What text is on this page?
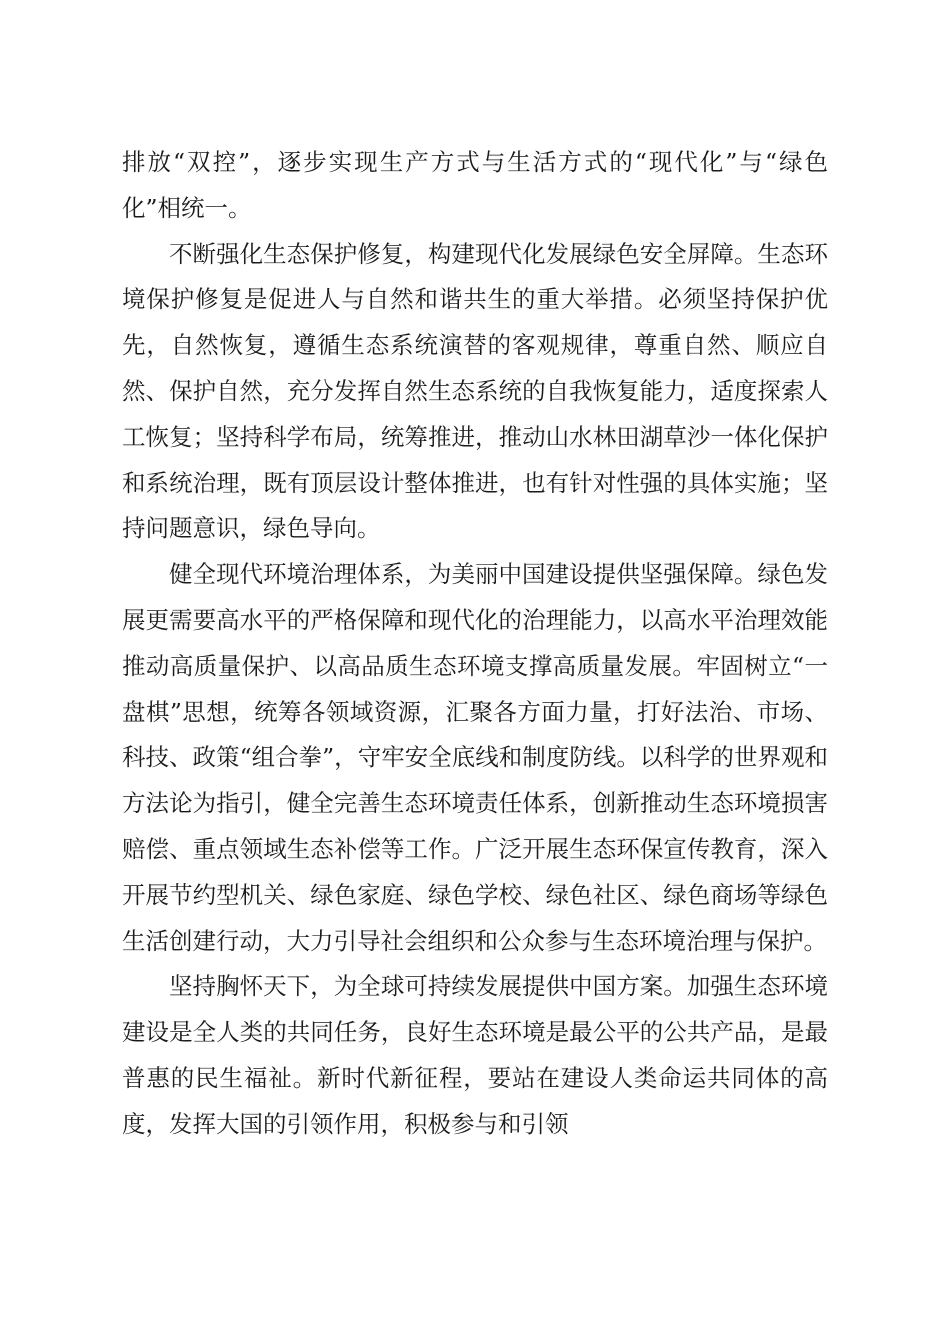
排放“双控”，逐步实现生产方式与生活方式的“现代化”与“绿色化”相统一。

不断强化生态保护修复，构建现代化发展绿色安全屏障。生态环境保护修复是促进人与自然和谐共生的重大举措。必须坚持保护优先，自然恢复，遵循生态系统演替的客观规律，尊重自然、顺应自然、保护自然，充分发挥自然生态系统的自我恢复能力，适度探索人工恢复；坚持科学布局，统筹推进，推动山水林田湖草沙一体化保护和系统治理，既有顶层设计整体推进，也有针对性强的具体实施；坚持问题意识，绿色导向。

健全现代环境治理体系，为美丽中国建设提供坚强保障。绿色发展更需要高水平的严格保障和现代化的治理能力，以高水平治理效能推动高质量保护、以高品质生态环境支撑高质量发展。牢固树立“一盘棋”思想，统筹各领域资源，汇聚各方面力量，打好法治、市场、科技、政策“组合拳”，守牢安全底线和制度防线。以科学的世界观和方法论为指引，健全完善生态环境责任体系，创新推动生态环境损害赔偿、重点领域生态补偿等工作。广泛开展生态环保宣传教育，深入开展节约型机关、绿色家庭、绿色学校、绿色社区、绿色商场等绿色生活创建行动，大力引导社会组织和公众参与生态环境治理与保护。

坚持胸怀天下，为全球可持续发展提供中国方案。加强生态环境建设是全人类的共同任务，良好生态环境是最公平的公共产品，是最普惠的民生福祉。新时代新征程，要站在建设人类命运共同体的高度，发挥大国的引领作用，积极参与和引领
